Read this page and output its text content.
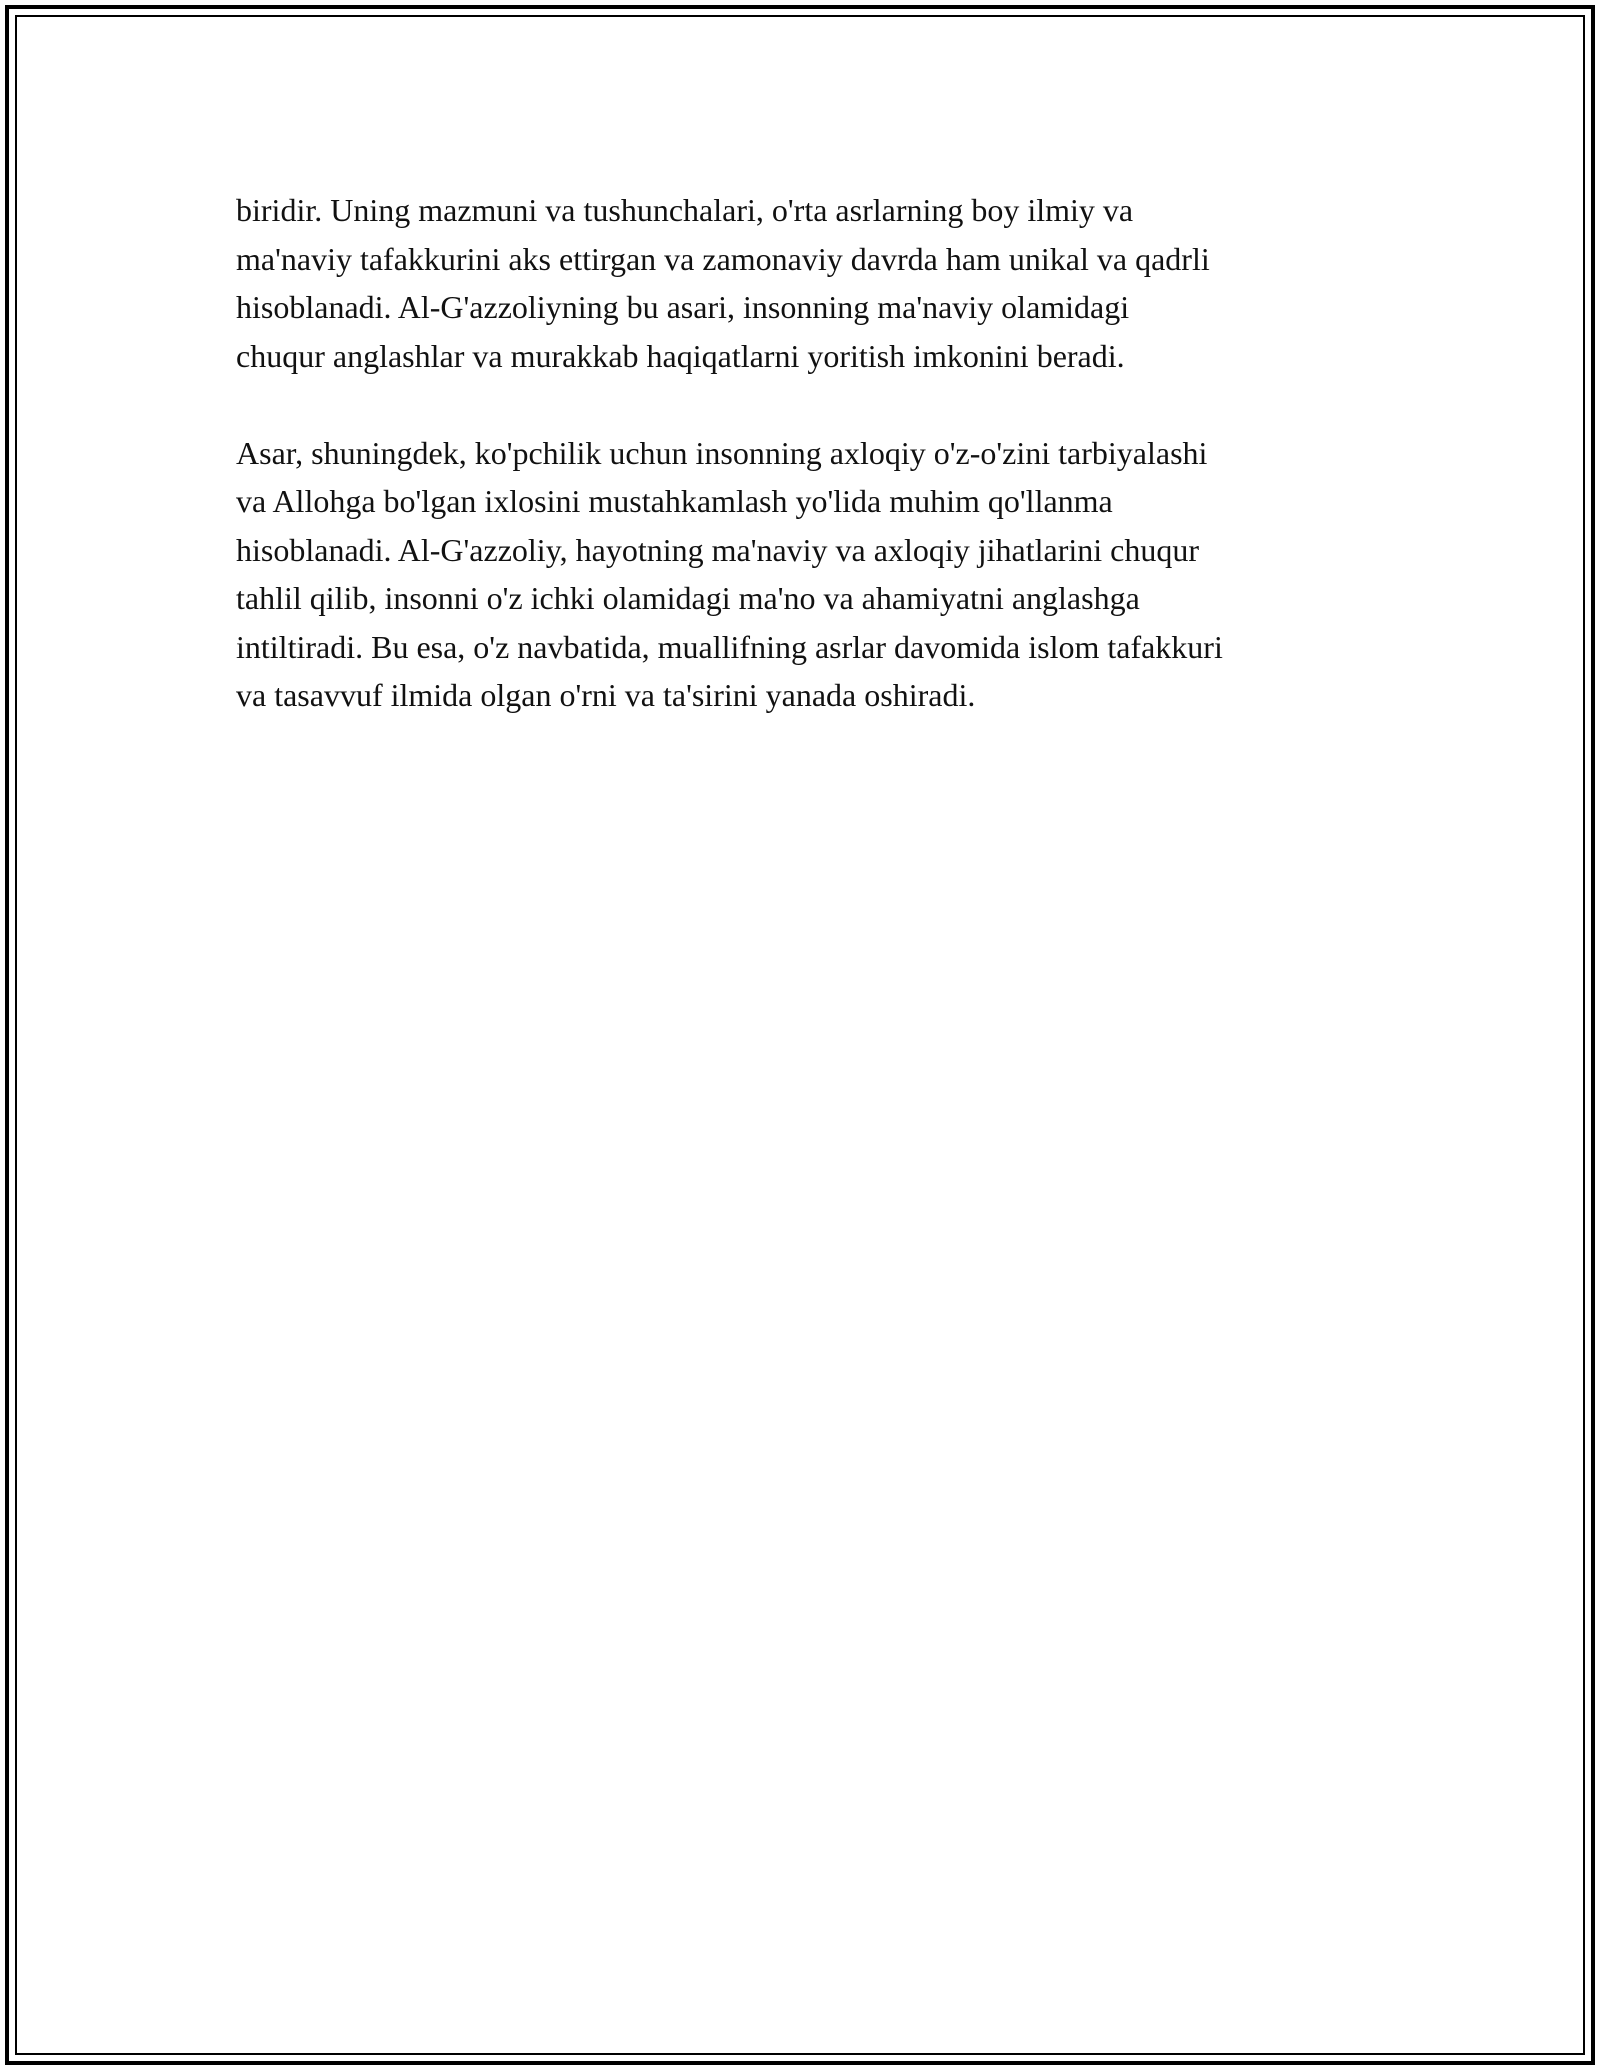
biridir. Uning mazmuni va tushunchalari, o'rta asrlarning boy ilmiy va
ma'naviy tafakkurini aks ettirgan va zamonaviy davrda ham unikal va qadrli
hisoblanadi. Al-G'azzoliyning bu asari, insonning ma'naviy olamidagi
chuqur anglashlar va murakkab haqiqatlarni yoritish imkonini beradi.

Asar, shuningdek, ko'pchilik uchun insonning axloqiy o'z-o'zini tarbiyalashi
va Allohga bo'lgan ixlosini mustahkamlash yo'lida muhim qo'llanma
hisoblanadi. Al-G'azzoliy, hayotning ma'naviy va axloqiy jihatlarini chuqur
tahlil qilib, insonni o'z ichki olamidagi ma'no va ahamiyatni anglashga
intiltiradi. Bu esa, o'z navbatida, muallifning asrlar davomida islom tafakkuri
va tasavvuf ilmida olgan o'rni va ta'sirini yanada oshiradi.
